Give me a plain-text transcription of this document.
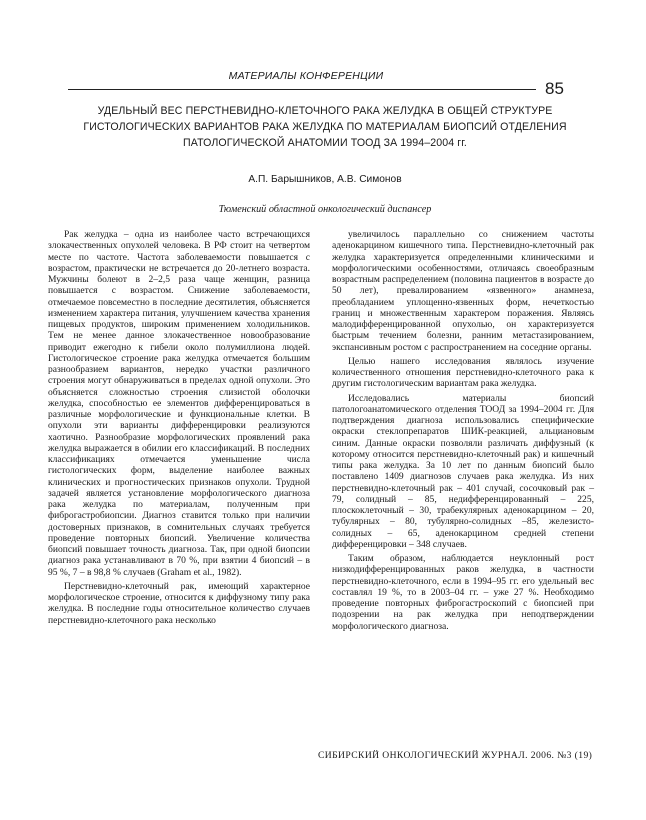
МАТЕРИАЛЫ КОНФЕРЕНЦИИ
85
УДЕЛЬНЫЙ ВЕС ПЕРСТНЕВИДНО-КЛЕТОЧНОГО РАКА ЖЕЛУДКА В ОБЩЕЙ СТРУКТУРЕ
ГИСТОЛОГИЧЕСКИХ ВАРИАНТОВ РАКА ЖЕЛУДКА ПО МАТЕРИАЛАМ БИОПСИЙ ОТДЕЛЕНИЯ
ПАТОЛОГИЧЕСКОЙ АНАТОМИИ ТООД ЗА 1994–2004 гг.
А.П. Барышников, А.В. Симонов
Тюменский областной онкологический диспансер

Рак желудка – одна из наиболее часто встречающихся злокачественных опухолей человека. В РФ стоит на четвертом месте по частоте. Частота заболеваемости повышается с возрастом, практически не встречается до 20-летнего возраста. Мужчины болеют в 2–2,5 раза чаще женщин, разница повышается с возрастом. Снижение заболеваемости, отмечаемое повсеместно в последние десятилетия, объясняется изменением характера питания, улучшением качества хранения пищевых продуктов, широким применением холодильников. Тем не менее данное злокачественное новообразование приводит ежегодно к гибели около полумиллиона людей. Гистологическое строение рака желудка отмечается большим разнообразием вариантов, нередко участки различного строения могут обнаруживаться в пределах одной опухоли. Это объясняется сложностью строения слизистой оболочки желудка, способностью ее элементов дифференцироваться в различные морфологические и функциональные клетки. В опухоли эти варианты дифференцировки реализуются хаотично. Разнообразие морфологических проявлений рака желудка выражается в обилии его классификаций. В последних классификациях отмечается уменьшение числа гистологических форм, выделение наиболее важных клинических и прогностических признаков опухоли. Трудной задачей является установление морфологического диагноза рака желудка по материалам, полученным при фиброгастробиопсии. Диагноз ставится только при наличии достоверных признаков, в сомнительных случаях требуется проведение повторных биопсий. Увеличение количества биопсий повышает точность диагноза. Так, при одной биопсии диагноз рака устанавливают в 70 %, при взятии 4 биопсий – в 95 %, 7 – в 98,8 % случаев (Graham et al., 1982).

Перстневидно-клеточный рак, имеющий характерное морфологическое строение, относится к диффузному типу рака желудка. В последние годы относительное количество случаев перстневидно-клеточного рака несколько

увеличилось параллельно со снижением частоты аденокарцином кишечного типа. Перстневидно-клеточный рак желудка характеризуется определенными клиническими и морфологическими особенностями, отличаясь своеобразным возрастным распределением (половина пациентов в возрасте до 50 лет), превалированием «язвенного» анамнеза, преобладанием уплощенно-язвенных форм, нечеткостью границ и множественным характером поражения. Являясь малодифференцированной опухолью, он характеризуется быстрым течением болезни, ранним метастазированием, экспансивным ростом с распространением на соседние органы.

Целью нашего исследования являлось изучение количественного отношения перстневидно-клеточного рака к другим гистологическим вариантам рака желудка.

Исследовались материалы биопсий патологоанатомического отделения ТООД за 1994–2004 гг. Для подтверждения диагноза использовались специфические окраски стеклопрепаратов ШИК-реакцией, альциановым синим. Данные окраски позволяли различать диффузный (к которому относится перстневидно-клеточный рак) и кишечный типы рака желудка. За 10 лет по данным биопсий было поставлено 1409 диагнозов случаев рака желудка. Из них перстневидно-клеточный рак – 401 случай, сосочковый рак – 79, солидный – 85, недифференцированный – 225, плоскоклеточный – 30, трабекулярных аденокарцином – 20, тубулярных – 80, тубулярно-солидных –85, железисто-солидных – 65, аденокарцином средней степени дифференцировки – 348 случаев.

Таким образом, наблюдается неуклонный рост низкодифференцированных раков желудка, в частности перстневидно-клеточного, если в 1994–95 гг. его удельный вес составлял 19 %, то в 2003–04 гг. – уже 27 %. Необходимо проведение повторных фиброгастроскопий с биопсией при подозрении на рак желудка при неподтверждении морфологического диагноза.

СИБИРСКИЙ ОНКОЛОГИЧЕСКИЙ ЖУРНАЛ. 2006. №3 (19)
